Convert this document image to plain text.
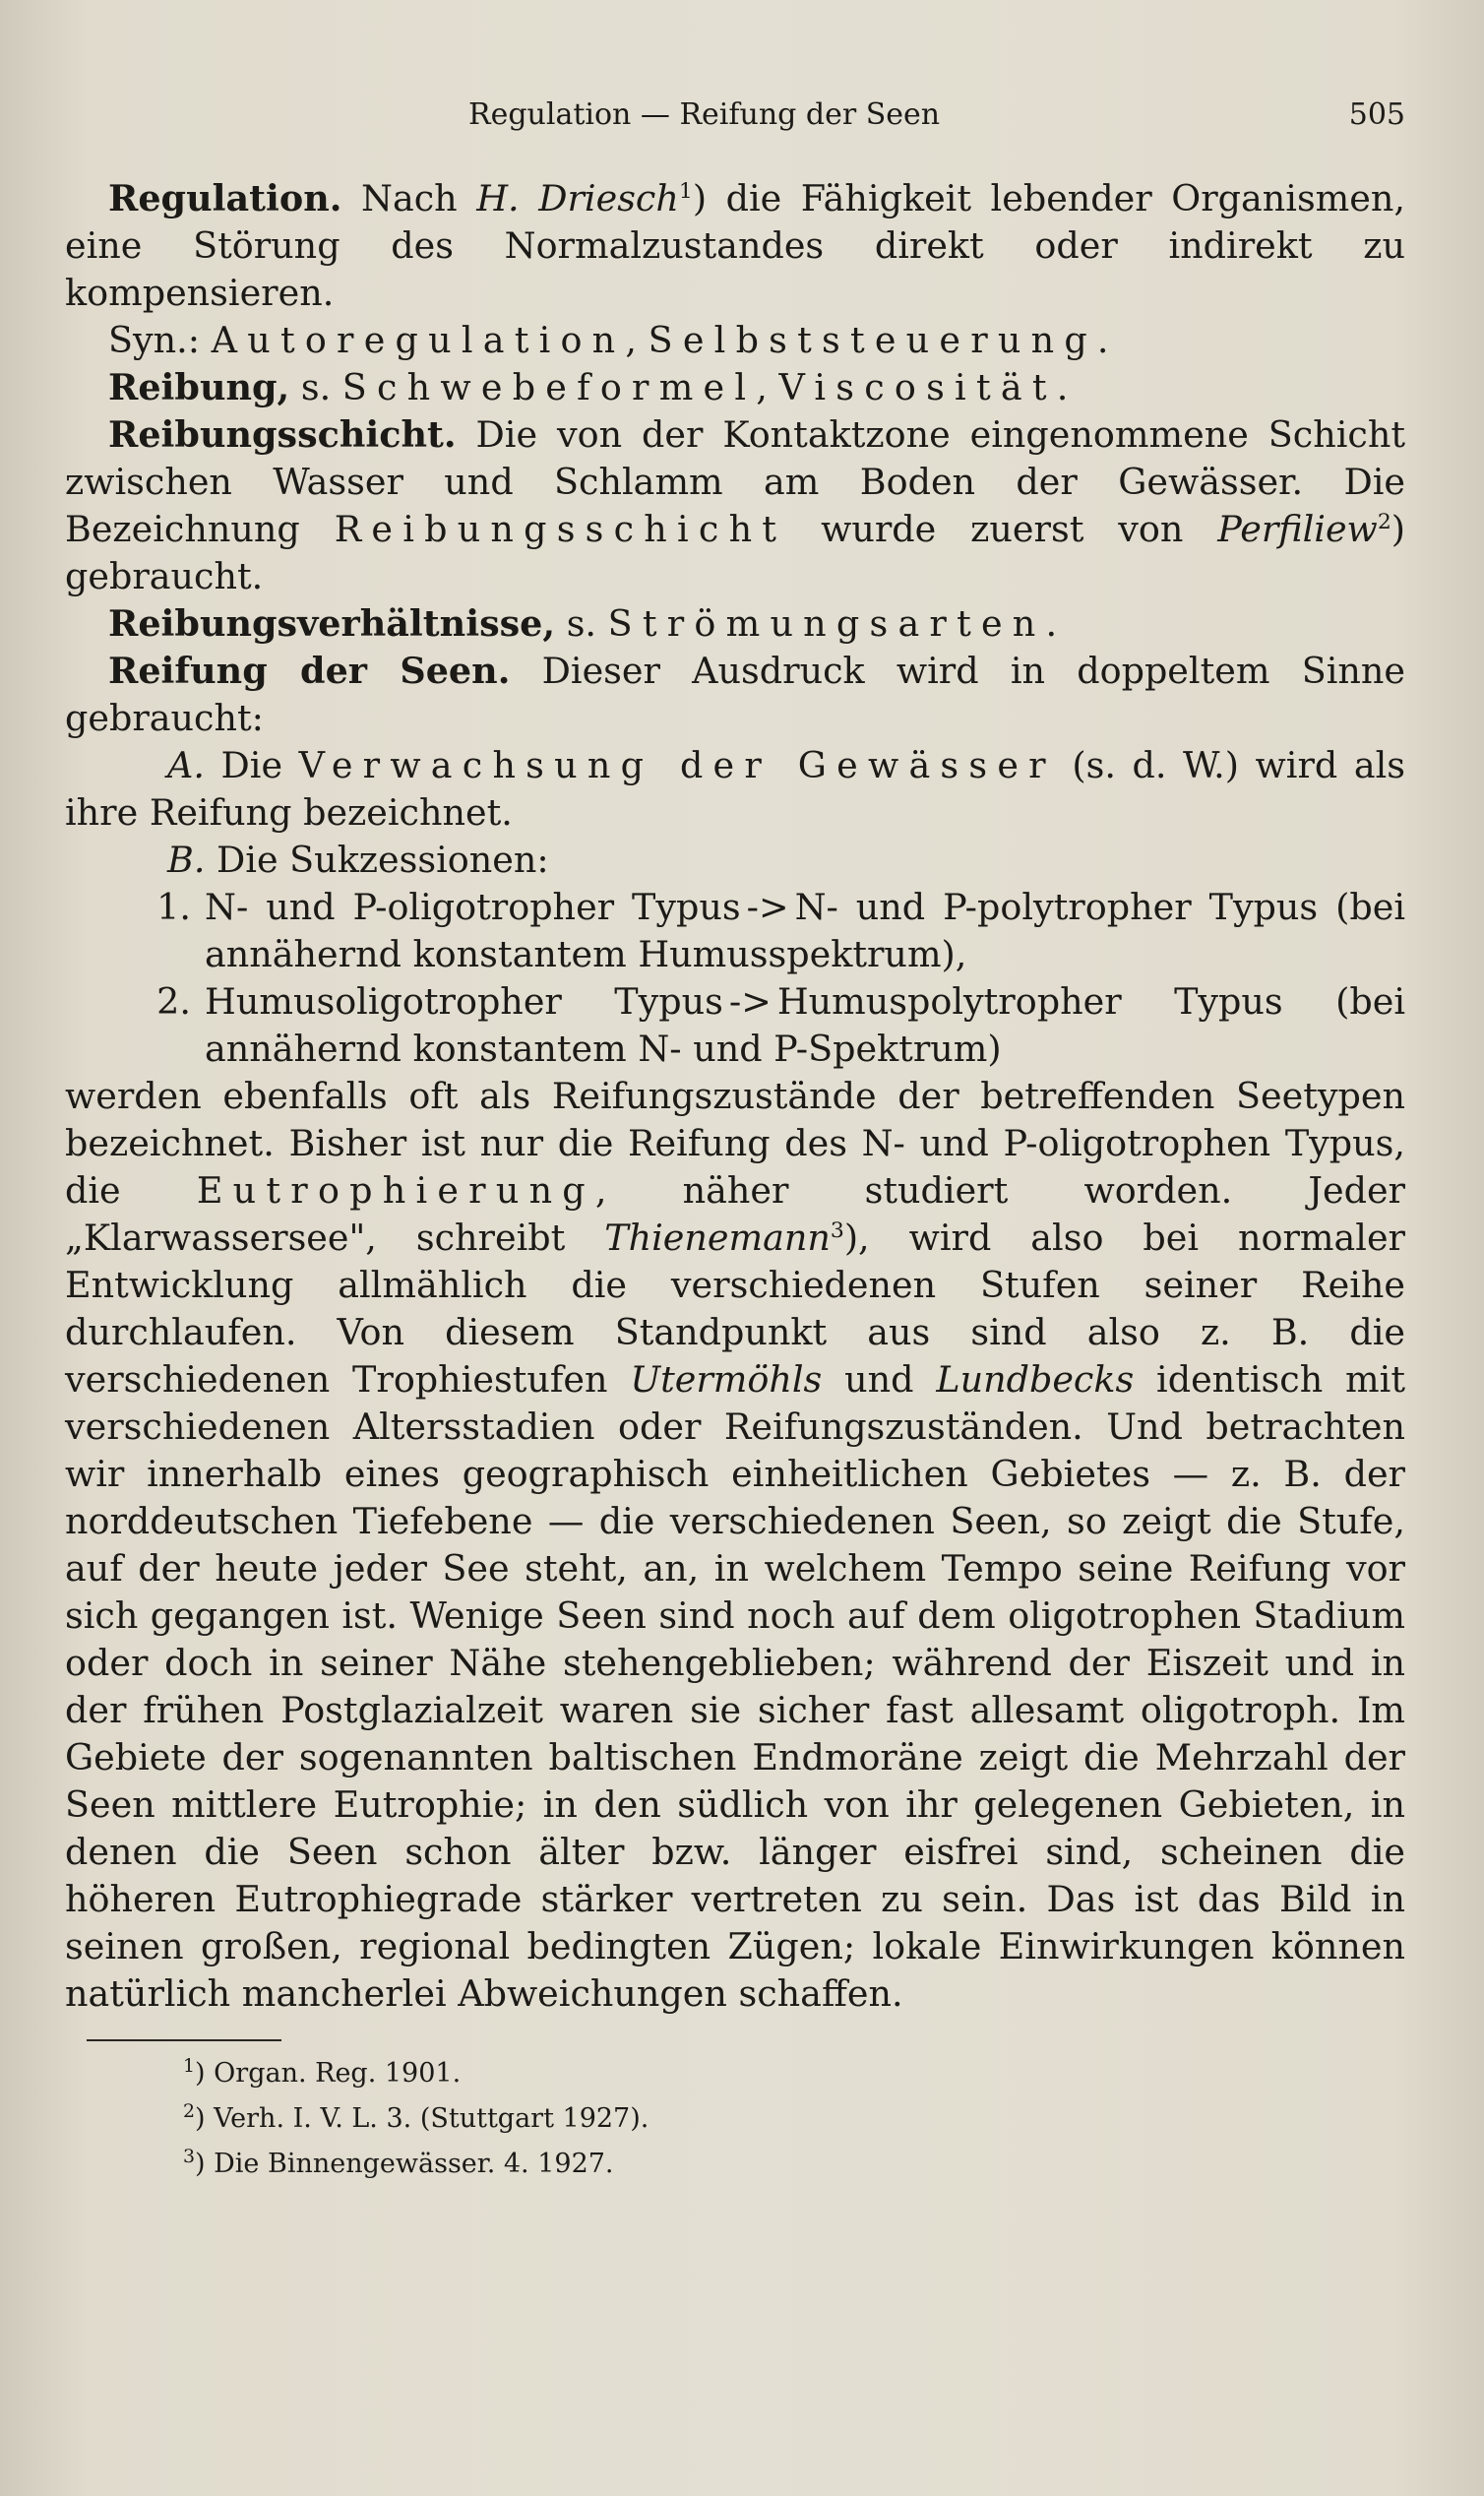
Regulation — Reifung der Seen	505

Regulation. Nach H. Driesch$^1$) die Fähigkeit lebender Organismen, eine Störung des Normalzustandes direkt oder indirekt zu kompensieren.

Syn.: Autoregulation, Selbststeuerung.

Reibung, s. Schwebeformel, Viscosität.

Reibungsschicht. Die von der Kontaktzone eingenommene Schicht zwischen Wasser und Schlamm am Boden der Gewässer. Die Bezeichnung Reibungsschicht wurde zuerst von Perfiliew$^2$) gebraucht.

Reibungsverhältnisse, s. Strömungsarten.

Reifung der Seen. Dieser Ausdruck wird in doppeltem Sinne gebraucht:

A. Die Verwachsung der Gewässer (s. d. W.) wird als ihre Reifung bezeichnet.

B. Die Sukzessionen:

1. N- und P-oligotropher Typus -> N- und P-polytropher Typus (bei annähernd konstantem Humusspektrum),
2. Humusoligotropher Typus -> Humuspolytropher Typus (bei annähernd konstantem N- und P-Spektrum)

werden ebenfalls oft als Reifungszustände der betreffenden Seetypen bezeichnet. Bisher ist nur die Reifung des N- und P-oligotrophen Typus, die Eutrophierung, näher studiert worden. Jeder „Klarwassersee", schreibt Thienemann$^3$), wird also bei normaler Entwicklung allmählich die verschiedenen Stufen seiner Reihe durchlaufen. Von diesem Standpunkt aus sind also z. B. die verschiedenen Trophiestufen Utermöhls und Lundbecks identisch mit verschiedenen Altersstadien oder Reifungszuständen. Und betrachten wir innerhalb eines geographisch einheitlichen Gebietes — z. B. der norddeutschen Tiefebene — die verschiedenen Seen, so zeigt die Stufe, auf der heute jeder See steht, an, in welchem Tempo seine Reifung vor sich gegangen ist. Wenige Seen sind noch auf dem oligotrophen Stadium oder doch in seiner Nähe stehengeblieben; während der Eiszeit und in der frühen Postglazialzeit waren sie sicher fast allesamt oligotroph. Im Gebiete der sogenannten baltischen Endmoräne zeigt die Mehrzahl der Seen mittlere Eutrophie; in den südlich von ihr gelegenen Gebieten, in denen die Seen schon älter bzw. länger eisfrei sind, scheinen die höheren Eutrophiegrade stärker vertreten zu sein. Das ist das Bild in seinen großen, regional bedingten Zügen; lokale Einwirkungen können natürlich mancherlei Abweichungen schaffen.

$^1$) Organ. Reg. 1901.
$^2$) Verh. I. V. L. 3. (Stuttgart 1927).
$^3$) Die Binnengewässer. 4. 1927.
